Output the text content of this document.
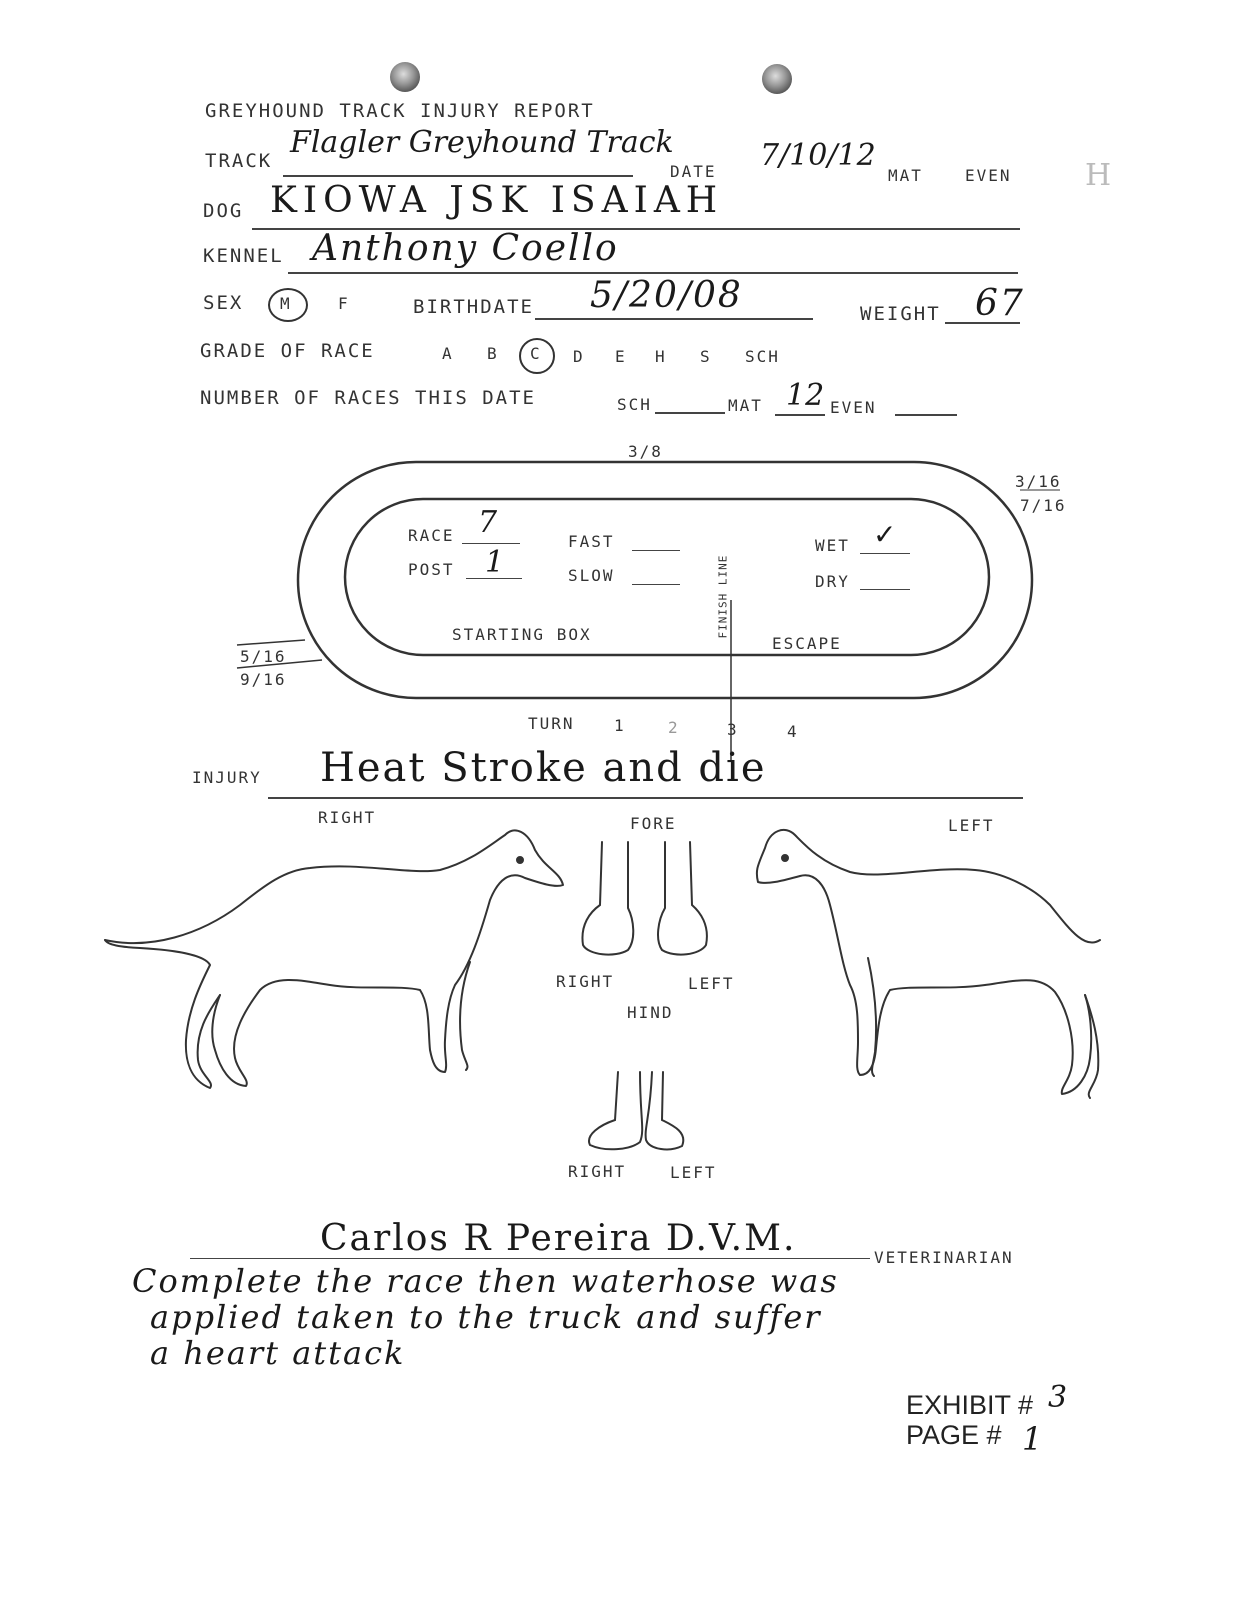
GREYHOUND TRACK INJURY REPORT
TRACK
Flagler Greyhound Track
DATE 7/10/12
MAT	EVEN H
DOG KIOWA JSK ISAIAH
KENNEL Anthony Coello
SEX M	F	BIRTHDATE 5/20/08	WEIGHT 67
GRADE OF RACE	A B C D E H S SCH
NUMBER OF RACES THIS DATE	SCH	MAT 12 EVEN
3/8
3/16
7/16
5/16
9/16
RACE 7
POST 1
FAST
SLOW
WET ✓
DRY
STARTING BOX	FINISH LINE
ESCAPE
TURN 1	2	3	4
INJURY Heat Stroke and die
RIGHT	FORE	LEFT
RIGHT	LEFT
HIND
RIGHT	LEFT
Carlos R Pereira D.V.M.	VETERINARIAN
Complete the race then waterhose was
applied taken to the truck and suffer
a heart attack
EXHIBIT # 3
PAGE # 1
